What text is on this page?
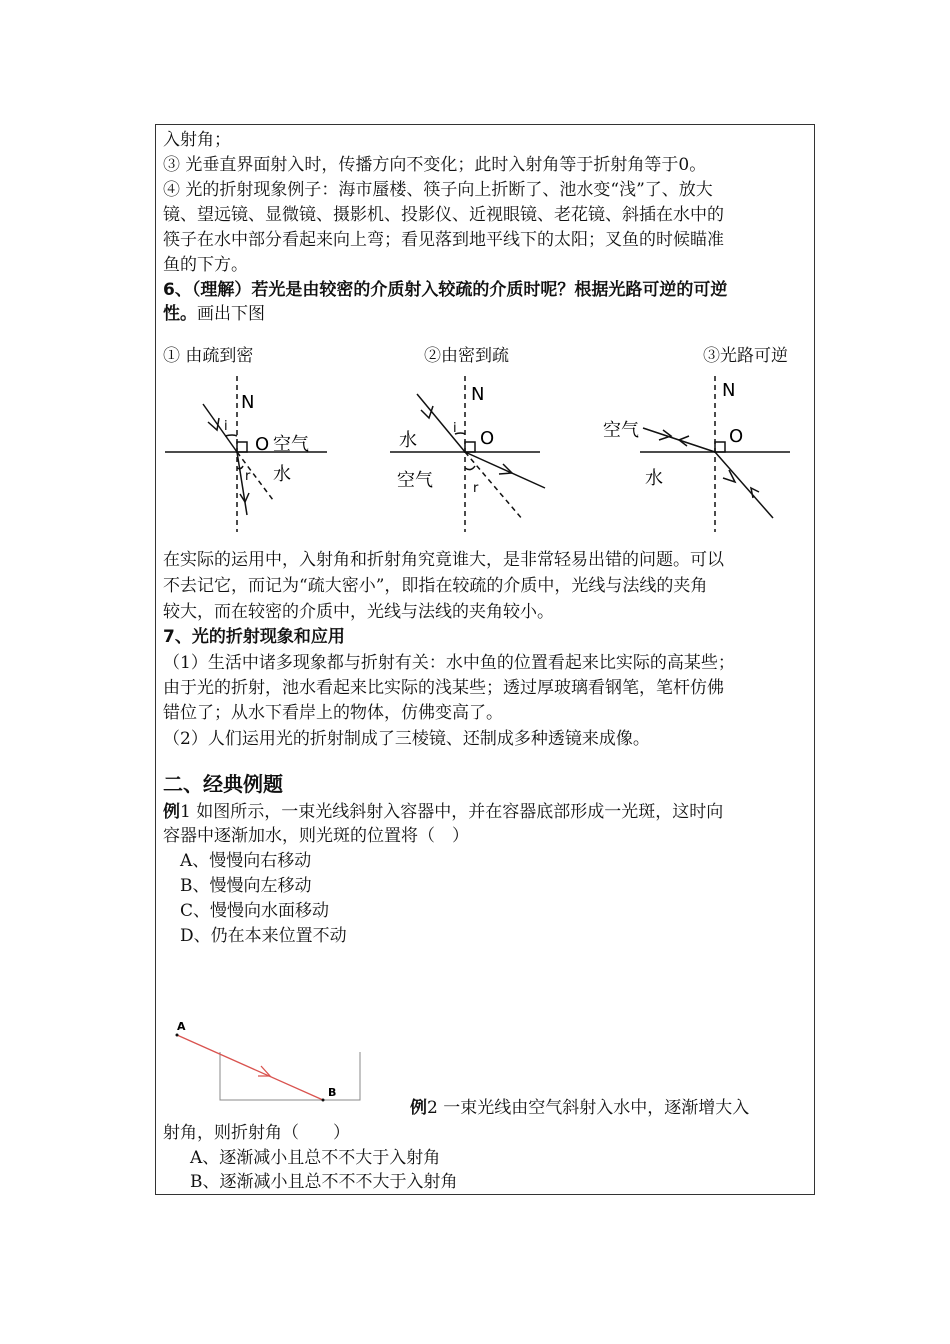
入射角；
③ 光垂直界面射入时，传播方向不变化；此时入射角等于折射角等于0。
④ 光的折射现象例子：海市蜃楼、筷子向上折断了、池水变“浅”了、放大
镜、望远镜、显微镜、摄影机、投影仪、近视眼镜、老花镜、斜插在水中的
筷子在水中部分看起来向上弯；看见落到地平线下的太阳；叉鱼的时候瞄准
鱼的下方。
6、（理解）若光是由较密的介质射入较疏的介质时呢？根据光路可逆的可逆
性。画出下图
① 由疏到密	②由密到疏	③光路可逆
N
i
O 空气
r 水
N
i O
水
空气	r
N
O
空气
水
在实际的运用中，入射角和折射角究竟谁大，是非常轻易出错的问题。可以
不去记它，而记为“疏大密小”，即指在较疏的介质中，光线与法线的夹角
较大，而在较密的介质中，光线与法线的夹角较小。
7、光的折射现象和应用
（1）生活中诸多现象都与折射有关：水中鱼的位置看起来比实际的高某些；
由于光的折射，池水看起来比实际的浅某些；透过厚玻璃看钢笔，笔杆仿佛
错位了；从水下看岸上的物体，仿佛变高了。
（2）人们运用光的折射制成了三棱镜、还制成多种透镜来成像。
二、经典例题
例1 如图所示，一束光线斜射入容器中，并在容器底部形成一光斑，这时向
容器中逐渐加水，则光斑的位置将（　）
A、慢慢向右移动
B、慢慢向左移动
C、慢慢向水面移动
D、仍在本来位置不动
A
B
例2 一束光线由空气斜射入水中，逐渐增大入
射角，则折射角（　　）
A、逐渐减小且总不不大于入射角
B、逐渐减小且总不不不大于入射角
